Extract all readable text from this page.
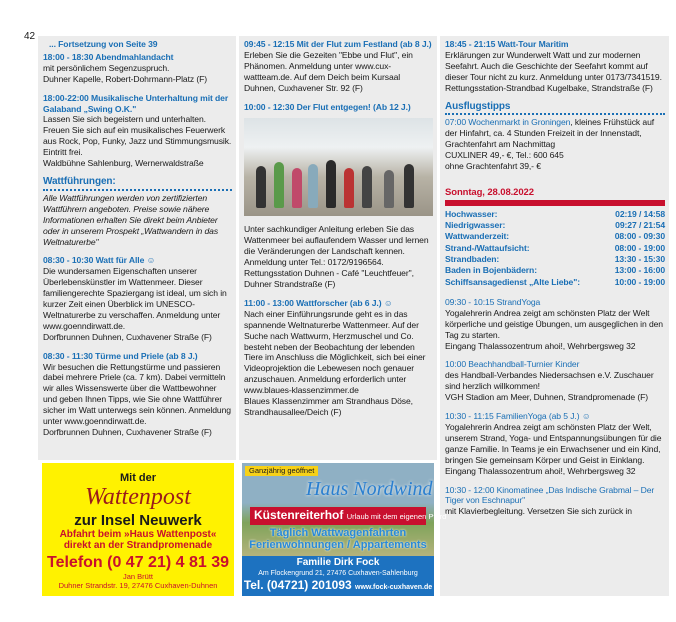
42
... Fortsetzung von Seite 39
18:00 - 18:30 Abendmahlandacht
mit persönlichem Segenzuspruch.
Duhner Kapelle, Robert-Dohrmann-Platz (F)
18:00-22:00 Musikalische Unterhaltung mit der Galaband „Swing O.K."
Lassen Sie sich begeistern und unterhalten. Freuen Sie sich auf ein musikalisches Feuerwerk aus Rock, Pop, Funky, Jazz und Stimmungsmusik.
Eintritt frei.
Waldbühne Sahlenburg, Wernerwaldstraße
Wattführungen:
Alle Wattführungen werden von zertifizierten Wattführern angeboten. Preise sowie nähere Informationen erhalten Sie direkt beim Anbieter oder in unserem Prospekt „Wattwandern in das Weltnaturerbe"
08:30 - 10:30 Watt für Alle ☺
Die wundersamen Eigenschaften unserer Überlebenskünstler im Wattenmeer. Dieser familiengerechte Spaziergang ist ideal, um sich in kurzer Zeit einen Überblick im UNESCO-Weltnaturerbe zu verschaffen. Anmeldung unter www.goenndirwatt.de.
Dorfbrunnen Duhnen, Cuxhavener Straße (F)
08:30 - 11:30 Türme und Priele (ab 8 J.)
Wir besuchen die Rettungstürme und passieren dabei mehrere Priele (ca. 7 km). Dabei vermitteln wir alles Wissenswerte über die Wattbewohner und geben Ihnen Tipps, wie Sie ohne Wattführer sicher im Watt unterwegs sein können. Anmeldung unter www.goenndirwatt.de.
Dorfbrunnen Duhnen, Cuxhavener Straße (F)
09:45 - 12:15 Mit der Flut zum Festland (ab 8 J.)
Erleben Sie die Gezeiten "Ebbe und Flut", ein Phänomen. Anmeldung unter www.cux-wattteam.de. Auf dem Deich beim Kursaal Duhnen, Cuxhavener Str. 92 (F)
10:00 - 12:30 Der Flut entgegen! (Ab 12 J.)
Unter sachkundiger Anleitung erleben Sie das Wattenmeer bei auflaufendem Wasser und lernen die Veränderungen der Landschaft kennen. Anmeldung unter Tel.: 0172/9196564.
Rettungsstation Duhnen - Café "Leuchtfeuer", Duhner Strandstraße (F)
11:00 - 13:00 Wattforscher (ab 6 J.) ☺
Nach einer Einführungsrunde geht es in das spannende Weltnaturerbe Wattenmeer. Auf der Suche nach Wattwurm, Herzmuschel und Co. besteht neben der Beobachtung der lebenden Tiere im Anschluss die Möglichkeit, sich bei einer Videoprojektion die Lebewesen noch genauer anzuschauen. Anmeldung erforderlich unter www.blaues-klassenzimmer.de
Blaues Klassenzimmer am Strandhaus Döse, Strandhausallee/Deich (F)
18:45 - 21:15 Watt-Tour Maritim
Erklärungen zur Wunderwelt Watt und zur modernen Seefahrt. Auch die Geschichte der Seefahrt kommt auf dieser Tour nicht zu kurz. Anmeldung unter 0173/7341519.
Rettungsstation-Strandbad Kugelbake, Strandstraße (F)
Ausflugstipps
07:00 Wochenmarkt in Groningen, kleines Frühstück auf der Hinfahrt, ca. 4 Stunden Freizeit in der Innenstadt, Grachtenfahrt am Nachmittag
CUXLINER 49,- €, Tel.: 600 645
ohne Grachtenfahrt 39,- €
Sonntag, 28.08.2022
Hochwasser:	02:19 / 14:58
Niedrigwasser:	09:27 / 21:54
Wattwanderzeit:	08:00 - 09:30
Strand-/Wattaufsicht:	08:00 - 19:00
Strandbaden:	13:30 - 15:30
Baden in Bojenbädern:	13:00 - 16:00
Schiffsansagedienst „Alte Liebe":	10:00 - 19:00
09:30 - 10:15 StrandYoga
Yogalehrerin Andrea zeigt am schönsten Platz der Welt körperliche und geistige Übungen, um ausgeglichen in den Tag zu starten.
Eingang Thalassozentrum ahoi!, Wehrbergsweg 32
10:00 Beachhandball-Turnier Kinder
des Handball-Verbandes Niedersachsen e.V. Zuschauer sind herzlich willkommen!
VGH Stadion am Meer, Duhnen, Strandpromenade (F)
10:30 - 11:15 FamilienYoga (ab 5 J.) ☺
Yogalehrerin Andrea zeigt am schönsten Platz der Welt, unserem Strand, Yoga- und Entspannungsübungen für die ganze Familie. In Teams je ein Erwachsener und ein Kind, bringen Sie gemeinsam Körper und Geist in Einklang.
Eingang Thalassozentrum ahoi!, Wehrbergsweg 32
10:30 - 12:00 Kinomatinee „Das Indische Grabmal – Der Tiger von Eschnapur"
mit Klavierbegleitung. Versetzen Sie sich zurück in
Mit der
Wattenpost
zur Insel Neuwerk
Abfahrt beim »Haus Wattenpost«
direkt an der Strandpromenade
Telefon (0 47 21) 4 81 39
Jan Brütt
Duhner Strandstr. 19, 27476 Cuxhaven-Duhnen
Ganzjährig geöffnet
Haus Nordwind
Küstenreiterhof Urlaub mit dem eigenen Pferd
Täglich Wattwagenfahrten
Ferienwohnungen / Appartements
Familie Dirk Fock
Am Flockengrund 21, 27476 Cuxhaven-Sahlenburg
Tel. (04721) 201093 www.fock-cuxhaven.de
